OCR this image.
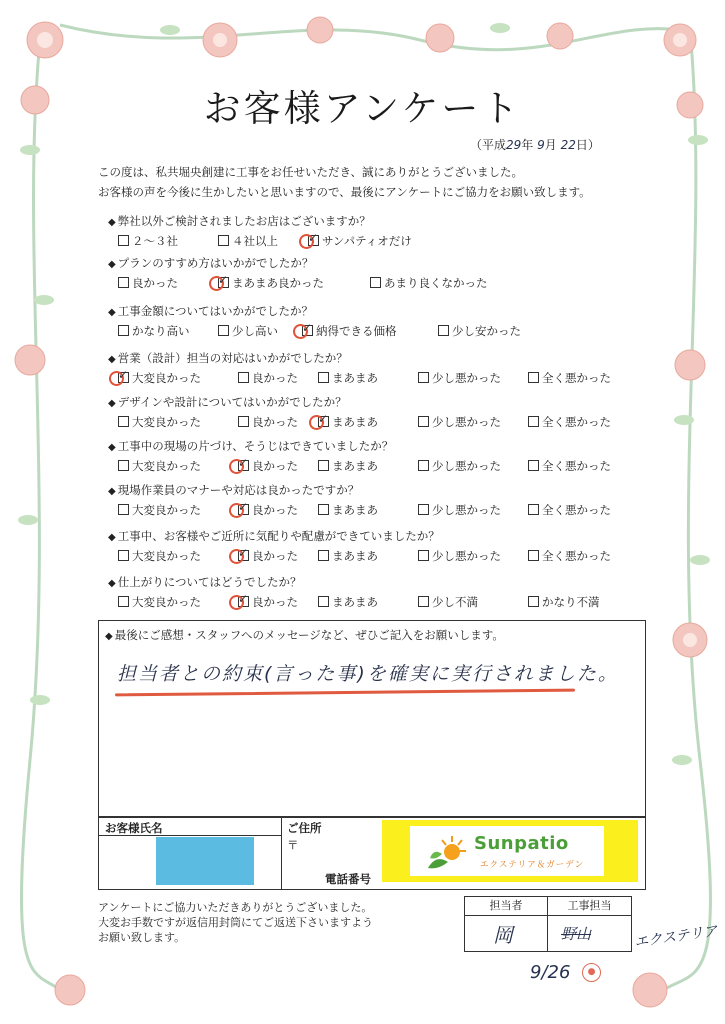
お客様アンケート
（平成29年 9月 22日）
この度は、私共堀央創建に工事をお任せいただき、誠にありがとうございました。
お客様の声を今後に生かしたいと思いますので、最後にアンケートにご協力をお願い致します。
◆ 弊社以外ご検討されましたお店はございますか？
２～３社	４社以上 ✓	サンパティオだけ
◆ プランのすすめ方はいかがでしたか？
良かった ✓	まあまあ良かった	あまり良くなかった
◆ 工事金額についてはいかがでしたか？
かなり高い	少し高い ✓	納得できる価格	少し安かった
◆ 営業（設計）担当の対応はいかがでしたか？
✓大変良かった	良かった	まあまあ	少し悪かった	全く悪かった
◆ デザインや設計についてはいかがでしたか？
大変良かった	良かった ✓	まあまあ	少し悪かった	全く悪かった
◆ 工事中の現場の片づけ、そうじはできていましたか？
大変良かった ✓	良かった	まあまあ	少し悪かった	全く悪かった
◆ 現場作業員のマナーや対応は良かったですか？
大変良かった ✓	良かった	まあまあ	少し悪かった	全く悪かった
◆ 工事中、お客様やご近所に気配りや配慮ができていましたか？
大変良かった ✓	良かった	まあまあ	少し悪かった	全く悪かった
◆ 仕上がりについてはどうでしたか？
大変良かった ✓	良かった	まあまあ	少し不満	かなり不満
◆ 最後にご感想・スタッフへのメッセージなど、ぜひご記入をお願いします。
担当者との約束(言った事)を確実に実行されました。
お客様氏名	ご住所
〒
電話番号
Sunpatio
エクステリア＆ガーデン
アンケートにご協力いただきありがとうございました。
大変お手数ですが返信用封筒にてご返送下さいますよう
お願い致します。
担当者	工事担当
岡	野山	エクステリア
9/26	●
